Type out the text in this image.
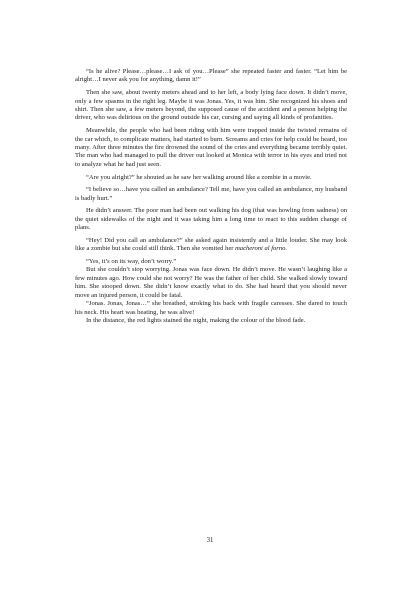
“Is he alive? Please…please…I ask of you…Please” she repeated faster and faster. “Let him be alright…I never ask you for anything, damn it!”

Then she saw, about twenty meters ahead and to her left, a body lying face down. It didn’t move, only a few spasms in the right leg. Maybe it was Jonas. Yes, it was him. She recognized his shoes and shirt. Then she saw, a few meters beyond, the supposed cause of the accident and a person helping the driver, who was delirious on the ground outside his car, cursing and saying all kinds of profanities.

Meanwhile, the people who had been riding with him were trapped inside the twisted remains of the car which, to complicate matters, had started to burn. Screams and cries for help could be heard, too many. After three minutes the fire drowned the sound of the cries and everything became terribly quiet. The man who had managed to pull the driver out looked at Monica with terror in his eyes and tried not to analyze what he had just seen.

“Are you alright?” he shouted as he saw her walking around like a zombie in a movie.

“I believe so…have you called an ambulance? Tell me, have you called an ambulance, my husband is badly hurt.”

He didn’t answer. The poor man had been out walking his dog (that was howling from sadness) on the quiet sidewalks of the night and it was taking him a long time to react to this sudden change of plans.

“Hey! Did you call an ambulance?” she asked again insistently and a little louder. She may look like a zombie but she could still think. Then she vomited her macheroni al forno.

“Yes, it’s on its way, don’t worry.”

But she couldn’t stop worrying. Jonas was face down. He didn’t move. He wasn’t laughing like a few minutes ago. How could she not worry? He was the father of her child. She walked slowly toward him. She stooped down. She didn’t know exactly what to do. She had heard that you should never move an injured person, it could be fatal.

“Jonas. Jonas, Jonas…” she breathed, stroking his back with fragile caresses. She dared to touch his neck. His heart was beating, he was alive!

In the distance, the red lights stained the night, making the colour of the blood fade.

31
